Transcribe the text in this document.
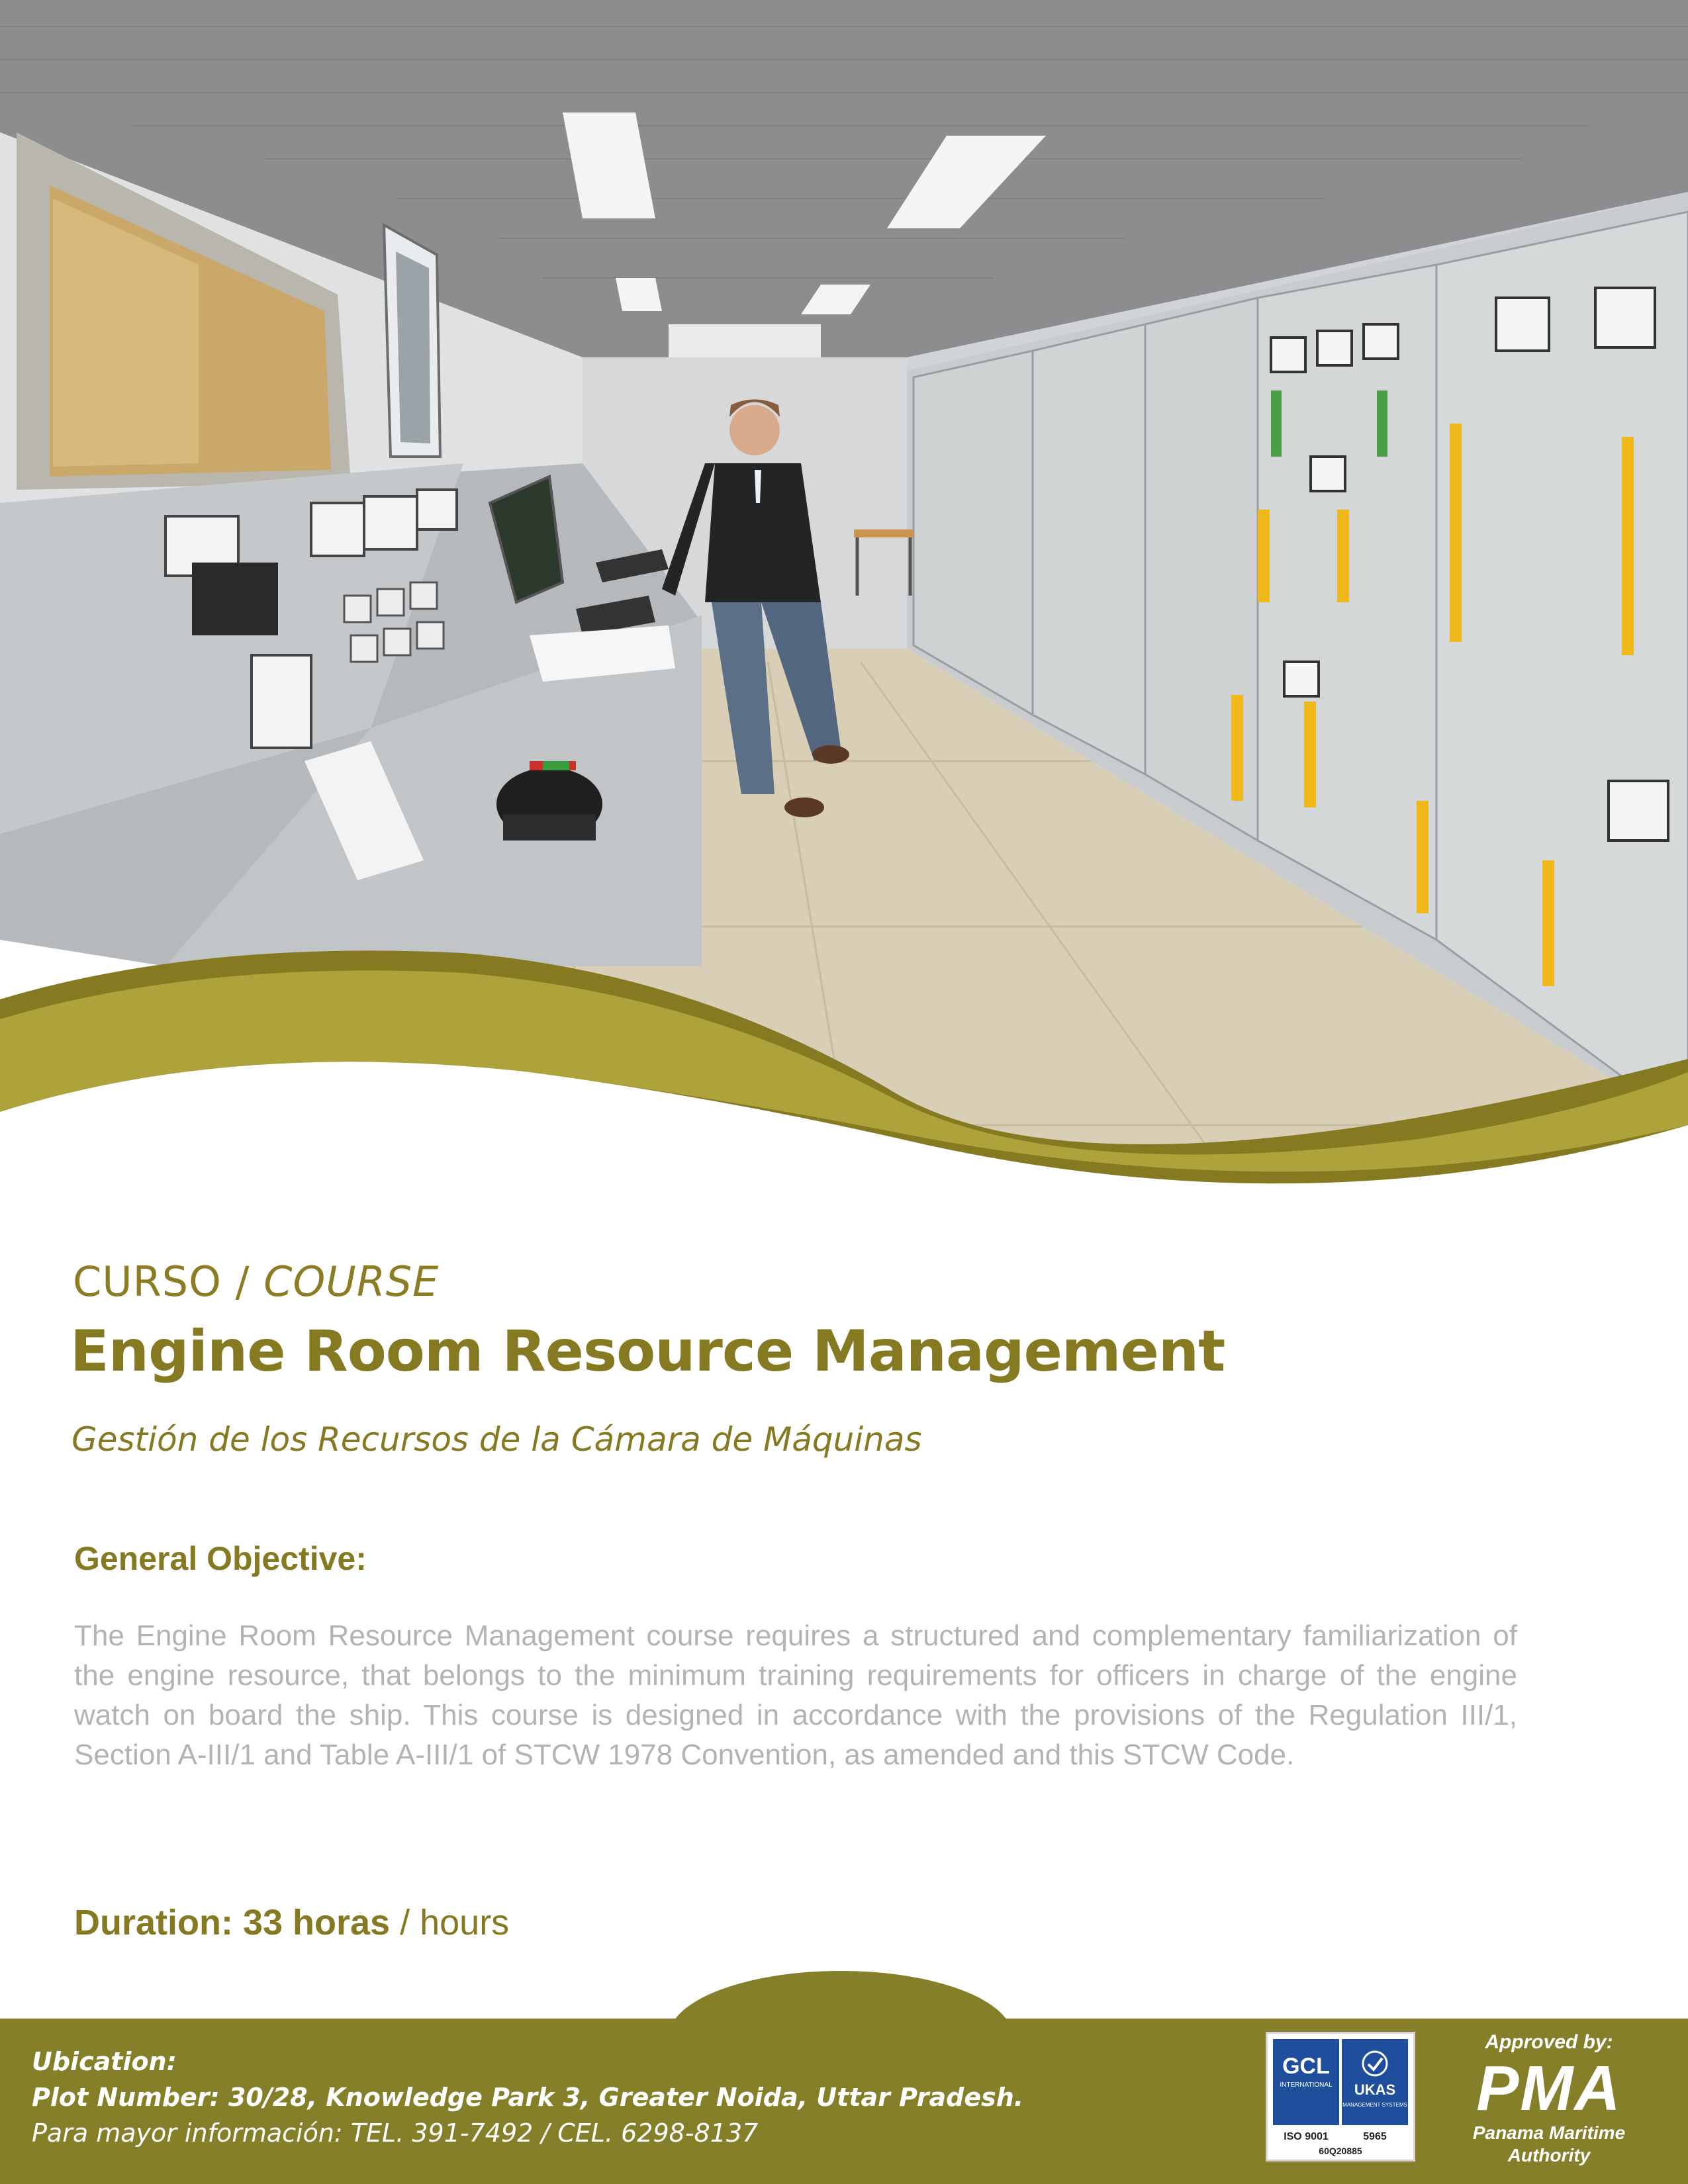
CURSO / COURSE
Engine Room Resource Management
Gestión de los Recursos de la Cámara de Máquinas
General Objective:
The Engine Room Resource Management course requires a structured and complementary familiarization of the engine resource, that belongs to the minimum training requirements for officers in charge of the engine watch on board the ship. This course is designed in accordance with the provisions of the Regulation III/1, Section A-III/1 and Table A-III/1 of STCW 1978 Convention, as amended and this STCW Code.
Duration: 33 horas / hours
Ubication:
Plot Number: 30/28, Knowledge Park 3, Greater Noida, Uttar Pradesh.
Para mayor información: TEL. 391-7492 / CEL. 6298-8137
GCL
INTERNATIONAL UKAS
MANAGEMENT SYSTEMS
ISO 9001	5965
60Q20885
Approved by:
PMA
Panama Maritime
Authority
